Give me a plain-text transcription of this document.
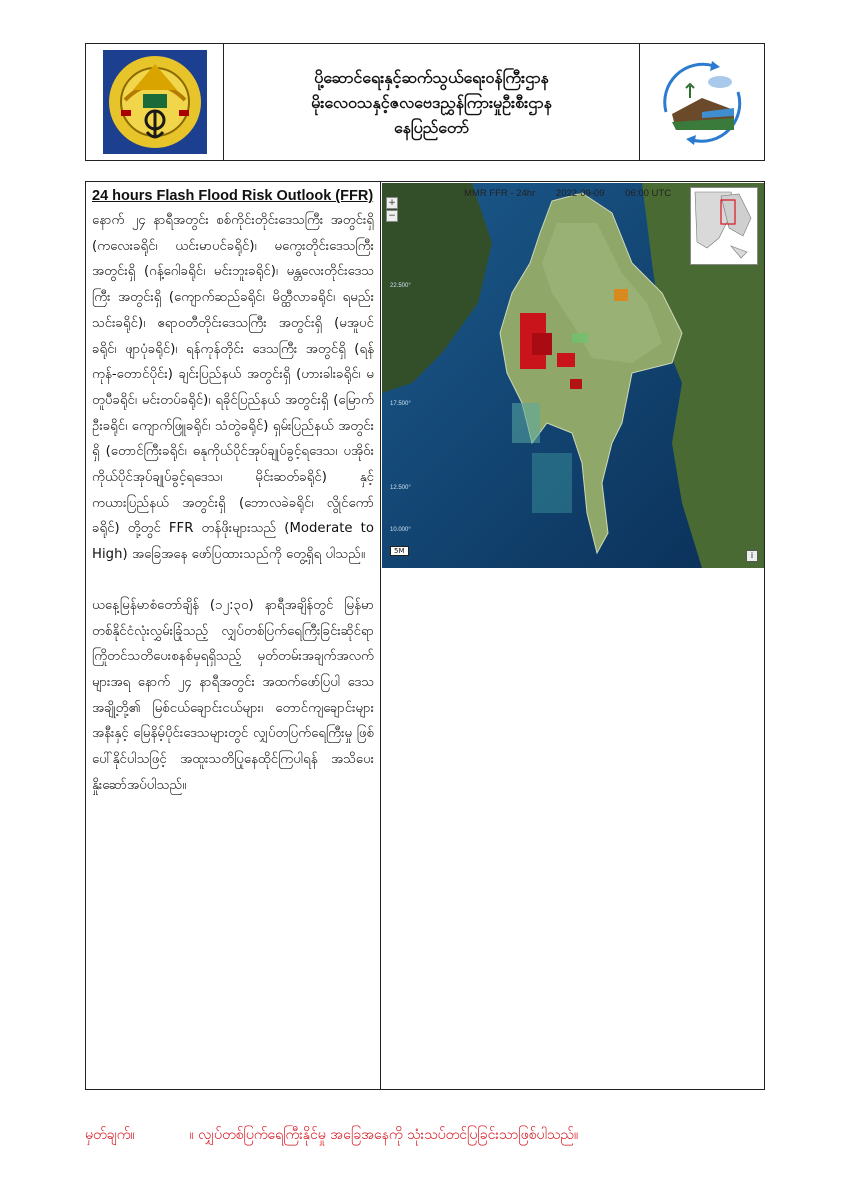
ပို့ဆောင်ရေးနှင့်ဆက်သွယ်ရေးဝန်ကြီးဌာန
မိုးလေဝသနှင့်ဇလဗေဒညွှန်ကြားမှုဦးစီးဌာန
နေပြည်တော်
24 hours Flash Flood Risk Outlook (FFR)

နောက် ၂၄ နာရီအတွင်း စစ်ကိုင်းတိုင်းဒေသကြီး အတွင်းရှိ (ကလေးခရိုင်၊ ယင်းမာပင်ခရိုင်)၊ မကွေးတိုင်းဒေသကြီး အတွင်းရှိ (ဂန့်ဂေါခရိုင်၊ မင်းဘူးခရိုင်)၊ မန္တလေးတိုင်းဒေသကြီး အတွင်းရှိ (ကျောက်ဆည်ခရိုင်၊ မိတ္ထီလာခရိုင်၊ ရမည်းသင်းခရိုင်)၊ ဧရာဝတီတိုင်းဒေသကြီး အတွင်းရှိ (မအူပင်ခရိုင်၊ ဖျာပုံခရိုင်)၊ ရန်ကုန်တိုင်း ဒေသကြီး အတွင်ရှိ (ရန်ကုန်-တောင်ပိုင်း) ချင်းပြည်နယ် အတွင်းရှိ (ဟားခါးခရိုင်၊ မတူပီခရိုင်၊ မင်းတပ်ခရိုင်)၊ ရခိုင်ပြည်နယ် အတွင်းရှိ (မြောက်ဦးခရိုင်၊ ကျောက်ဖြူခရိုင်၊ သံတွဲခရိုင်) ရှမ်းပြည်နယ် အတွင်းရှိ (တောင်ကြီးခရိုင်၊ ဓနုကိုယ်ပိုင်အုပ်ချုပ်ခွင့်ရဒေသ၊ ပအိုဝ်းကိုယ်ပိုင်အုပ်ချုပ်ခွင့်ရဒေသ၊ မိုင်းဆတ်ခရိုင်) နှင့် ကယားပြည်နယ် အတွင်းရှိ (ဘောလခဲခရိုင်၊ လွိုင်ကော်ခရိုင်) တို့တွင် FFR တန်ဖိုးများသည် (Moderate to High) အခြေအနေ ဖော်ပြထားသည်ကို တွေ့ရှိရ ပါသည်။

ယနေ့မြန်မာစံတော်ချိန် (၁၂:၃၀) နာရီအချိန်တွင် မြန်မာတစ်နိုင်ငံလုံးလွှမ်းခြုံသည့် လျှပ်တစ်ပြက်ရေကြီးခြင်းဆိုင်ရာ ကြိုတင်သတိပေးစနစ်မှရရှိသည့် မှတ်တမ်းအချက်အလက်များအရ နောက် ၂၄ နာရီအတွင်း အထက်ဖော်ပြပါ ဒေသအချို့တို့၏ မြစ်ငယ်ချောင်းငယ်များ၊ တောင်ကျချောင်းများ အနီးနှင့် မြေနိမ့်ပိုင်းဒေသများတွင် လျှပ်တပြက်ရေကြီးမှု ဖြစ်ပေါ်နိုင်ပါသဖြင့် အထူးသတိပြုနေထိုင်ကြပါရန် အသိပေးနှိုးဆော်အပ်ပါသည်။

MMR FFR - 24hr 2022-09-09 06:00 UTC
+
−
22.500°
17.500°
12.500°
10.000°
5M	i
မှတ်ချက်။	။ လျှပ်တစ်ပြက်ရေကြီးနိုင်မှု အခြေအနေကို သုံးသပ်တင်ပြခြင်းသာဖြစ်ပါသည်။
